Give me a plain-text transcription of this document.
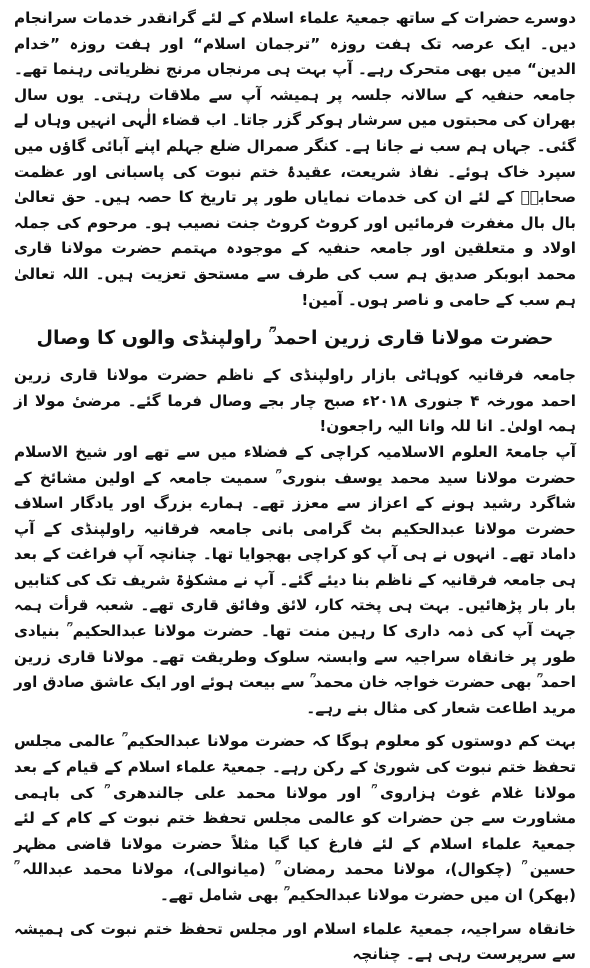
دوسرے حضرات کے ساتھ جمعیۃ علماء اسلام کے لئے گرانقدر خدمات سرانجام دیں۔ ایک عرصہ تک ہفت روزہ ”ترجمان اسلام“ اور ہفت روزہ ”خدام الدین“ میں بھی متحرک رہے۔ آپ بہت ہی مرنجاں مرنج نظریاتی رہنما تھے۔ جامعہ حنفیہ کے سالانہ جلسہ پر ہمیشہ آپ سے ملاقات رہتی۔ یوں سال بھران کی محبتوں میں سرشار ہوکر گزر جاتا۔ اب قضاء الٰہی انہیں وہاں لے گئی۔ جہاں ہم سب نے جانا ہے۔ کنگر صمرال ضلع جہلم اپنے آبائی گاؤں میں سپرد خاک ہوئے۔ نفاذ شریعت، عقیدۂ ختم نبوت کی پاسبانی اور عظمت صحابہؓ کے لئے ان کی خدمات نمایاں طور پر تاریخ کا حصہ ہیں۔ حق تعالیٰ بال بال مغفرت فرمائیں اور کروٹ کروٹ جنت نصیب ہو۔ مرحوم کی جملہ اولاد و متعلقین اور جامعہ حنفیہ کے موجودہ مہتمم حضرت مولانا قاری محمد ابوبکر صدیق ہم سب کی طرف سے مستحق تعزیت ہیں۔ اللہ تعالیٰ ہم سب کے حامی و ناصر ہوں۔ آمین!

حضرت مولانا قاری زرین احمد ؒ راولپنڈی والوں کا وصال

جامعہ فرقانیہ کوہاٹی بازار راولپنڈی کے ناظم حضرت مولانا قاری زرین احمد مورخہ ۴ جنوری ۲۰۱۸ء صبح چار بجے وصال فرما گئے۔ مرضیٔ مولا از ہمہ اولیٰ۔ انا للہ وانا الیہ راجعون!

آپ جامعۃ العلوم الاسلامیہ کراچی کے فضلاء میں سے تھے اور شیخ الاسلام حضرت مولانا سید محمد یوسف بنوری ؒ سمیت جامعہ کے اولین مشائخ کے شاگرد رشید ہونے کے اعزاز سے معزز تھے۔ ہمارے بزرگ اور یادگار اسلاف حضرت مولانا عبدالحکیم بٹ گرامی بانی جامعہ فرقانیہ راولپنڈی کے آپ داماد تھے۔ انہوں نے ہی آپ کو کراچی بھجوایا تھا۔ چنانچہ آپ فراغت کے بعد ہی جامعہ فرقانیہ کے ناظم بنا دیئے گئے۔ آپ نے مشکوٰۃ شریف تک کی کتابیں بار بار پڑھائیں۔ بہت ہی پختہ کار، لائق وفائق قاری تھے۔ شعبہ قرأت ہمہ جہت آپ کی ذمہ داری کا رہین منت تھا۔ حضرت مولانا عبدالحکیم ؒ بنیادی طور پر خانقاہ سراجیہ سے وابستہ سلوک وطریقت تھے۔ مولانا قاری زرین احمد ؒ بھی حضرت خواجہ خان محمد ؒ سے بیعت ہوئے اور ایک عاشق صادق اور مرید اطاعت شعار کی مثال بنے رہے۔

بہت کم دوستوں کو معلوم ہوگا کہ حضرت مولانا عبدالحکیم ؒ عالمی مجلس تحفظ ختم نبوت کی شوریٰ کے رکن رہے۔ جمعیۃ علماء اسلام کے قیام کے بعد مولانا غلام غوث ہزاروی ؒ اور مولانا محمد علی جالندھری ؒ کی باہمی مشاورت سے جن حضرات کو عالمی مجلس تحفظ ختم نبوت کے کام کے لئے جمعیۃ علماء اسلام کے لئے فارغ کیا گیا مثلاً حضرت مولانا قاضی مظہر حسین ؒ (چکوال)، مولانا محمد رمضان ؒ (میانوالی)، مولانا محمد عبداللہ ؒ (بھکر) ان میں حضرت مولانا عبدالحکیم ؒ بھی شامل تھے۔

خانقاہ سراجیہ، جمعیۃ علماء اسلام اور مجلس تحفظ ختم نبوت کی ہمیشہ سے سرپرست رہی ہے۔ چنانچہ
